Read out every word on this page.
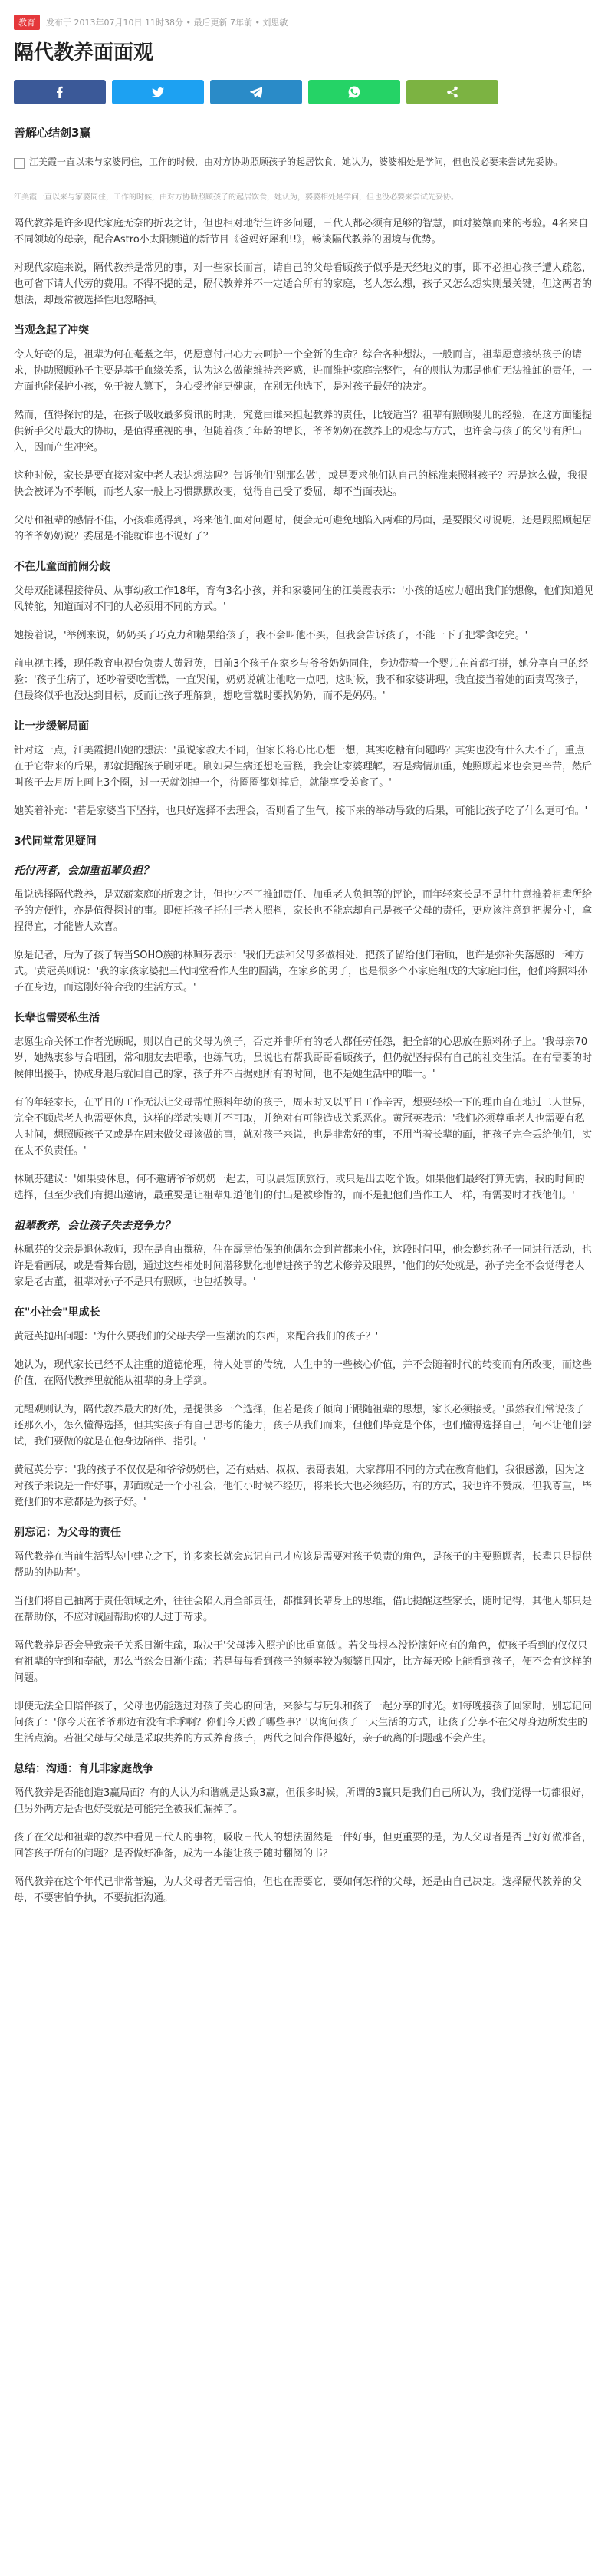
教育	发布于 2013年07月10日 11时38分 • 最后更新 7年前 • 刘思敏
隔代教养面面观
善解心结剑3赢
江美霞一直以来与家婆同住，工作的时候，由对方协助照顾孩子的起居饮食，她认为，婆婆相处是学问，但也没必要来尝试先妥协。
江美霞一直以来与家婆同住，工作的时候，由对方协助照顾孩子的起居饮食，她认为，婆婆相处是学问，但也没必要来尝试先妥协。

隔代教养是许多现代家庭无奈的折衷之计，但也相对地衍生许多问题，三代人都必须有足够的智慧，面对婆孃而来的考验。4名来自不同领域的母亲，配合Astro小太阳频道的新节目《爸妈好犀利!!》，畅谈隔代教养的困境与优势。

对现代家庭来说，隔代教养是常见的事，对一些家长而言，请自己的父母看顾孩子似乎是天经地义的事，即不必担心孩子遭人疏忽，也可省下请人代劳的费用。不得不提的是，隔代教养并不一定适合所有的家庭，老人怎么想，孩子又怎么想实则最关键，但这两者的想法，却最常被选择性地忽略掉。

当观念起了冲突

令人好奇的是，祖辈为何在耄耋之年，仍愿意付出心力去呵护一个全新的生命？综合各种想法，一般而言，祖辈愿意接纳孩子的请求，协助照顾孙子主要是基于血缘关系，认为这么做能维持亲密感，进而维护家庭完整性，有的则认为那是他们无法推卸的责任，一方面也能保护小孩，免于被人篡下，身心受挫能更健康，在别无他选下，是对孩子最好的决定。

然而，值得探讨的是，在孩子吸收最多资讯的时期，究竟由谁来担起教养的责任，比较适当？祖辈有照顾婴儿的经验，在这方面能提供新手父母最大的协助，是值得重视的事，但随着孩子年龄的增长，爷爷奶奶在教养上的观念与方式，也许会与孩子的父母有所出入，因而产生冲突。

这种时候，家长是要直接对家中老人表达想法吗？告诉他们'别那么做'，或是要求他们认自己的标准来照料孩子？若是这么做，我很快会被评为不孝顺，而老人家一般上习惯默默改变，觉得自己受了委屈，却不当面表达。

父母和祖辈的感情不佳，小孩难觅得到，将来他们面对问题时，便会无可避免地陷入两难的局面，是要跟父母说呢，还是跟照顾起居的爷爷奶奶说？委屈是不能就谁也不说好了？

不在儿童面前闹分歧

父母双能课程接待员、从事幼教工作18年，育有3名小孩，并和家婆同住的江美霞表示：'小孩的适应力超出我们的想像，他们知道见风转舵，知道面对不同的人必须用不同的方式。'

她接着说，'举例来说，奶奶买了巧克力和糖果给孩子，我不会叫他不买，但我会告诉孩子，不能一下子把零食吃完。'

前电视主播，现任教育电视台负责人黄冠英，目前3个孩子在家乡与爷爷奶奶同住，身边带着一个婴儿在首都打拼，她分享自己的经验：'孩子生病了，还吵着要吃雪糕，一直哭闹，奶奶说就让他吃一点吧，这时候，我不和家婆讲理，我直接当着她的面责骂孩子，但最终似乎也没达到目标，反而让孩子理解到，想吃雪糕时要找奶奶，而不是妈妈。'

让一步缓解局面

针对这一点，江美霞提出她的想法：'虽说家教大不同，但家长将心比心想一想，其实吃糖有问题吗？其实也没有什么大不了，重点在于它带来的后果，那就提醒孩子刷牙吧。刷如果生病还想吃雪糕，我会让家婆理解，若是病情加重，她照顾起来也会更辛苦，然后叫孩子去月历上画上3个圈，过一天就划掉一个，待圈圈都划掉后，就能享受美食了。'

她笑着补充：'若是家婆当下坚持，也只好选择不去理会，否则看了生气，接下来的举动导致的后果，可能比孩子吃了什么更可怕。'

3代同堂常见疑问
托付两者，会加重祖辈负担？

虽说选择隔代教养，是双薪家庭的折衷之计，但也少不了推卸责任、加重老人负担等的评论，而年轻家长是不是往往意推着祖辈所给予的方便性，亦是值得探讨的事。即便托孩子托付于老人照料，家长也不能忘却自己是孩子父母的责任，更应该注意到把握分寸，拿捏得宜，才能皆大欢喜。

原是记者，后为了孩子转当SOHO族的林珮芬表示：'我们无法和父母多做相处，把孩子留给他们看顾，也许是弥补失落感的一种方式。'黄冠英则说：'我的家孩家婆把三代同堂看作人生的圆满，在家乡的男子，也是很多个小家庭组成的大家庭同住，他们将照料孙子在身边，而这刚好符合我的生活方式。'

长辈也需要私生活

志愿生命关怀工作者光顾昵，则以自己的父母为例子，否定并非所有的老人都任劳任怨，把全部的心思放在照料孙子上。'我母亲70岁，她热衷参与合唱团，常和朋友去唱歌，也练气功，虽说也有帮我哥哥看顾孩子，但仍就坚持保有自己的社交生活。在有需要的时候伸出援手，协成身退后就回自己的家，孩子并不占据她所有的时间，也不是她生活中的唯一。'

有的年轻家长，在平日的工作无法让父母帮忙照料年幼的孩子，周末时又以平日工作辛苦，想要轻松一下的理由自在地过二人世界，完全不顾虑老人也需要休息，这样的举动实则并不可取，并绝对有可能造成关系恶化。黄冠英表示：'我们必须尊重老人也需要有私人时间，想照顾孩子又或是在周末做父母该做的事，就对孩子来说，也是非常好的事，不用当着长辈的面，把孩子完全丢给他们，实在太不负责任。'

林珮芬建议：'如果要休息，何不邀请爷爷奶奶一起去，可以晨短顶旅行，或只是出去吃个饭。如果他们最终打算无需，我的时间的选择，但至少我们有提出邀请，最重要是让祖辈知道他们的付出是被珍惜的，而不是把他们当作工人一样，有需要时才找他们。'

祖辈教养，会让孩子失去竞争力？

林珮芬的父亲是退休教师，现在是自由撰稿，住在霹雳怡保的他偶尔会到首都来小住，这段时间里，他会邀约孙子一同进行活动，也许是看画展，或是看舞台剧，通过这些相处时间潜移默化地增进孩子的艺术修养及眼界，'他们的好处就是，孙子完全不会觉得老人家是老古董，祖辈对孙子不是只有照顾，也包括教导。'

在"小社会"里成长

黄冠英抛出问题：'为什么要我们的父母去学一些潮流的东西，来配合我们的孩子？'

她认为，现代家长已经不太注重的道德伦理，待人处事的传统，人生中的一些核心价值，并不会随着时代的转变而有所改变，而这些价值，在隔代教养里就能从祖辈的身上学到。

尤醒观则认为，隔代教养最大的好处，是提供多一个选择，但若是孩子倾向于跟随祖辈的思想，家长必须接受。'虽然我们常说孩子还那么小，怎么懂得选择，但其实孩子有自己思考的能力，孩子从我们而来，但他们毕竟是个体，也们懂得选择自己，何不让他们尝试，我们要做的就是在他身边陪伴、指引。'

黄冠英分享：'我的孩子不仅仅是和爷爷奶奶住，还有姑姑、叔叔、表哥表姐，大家都用不同的方式在教育他们，我很感激，因为这对孩子来说是一件好事，那面就是一个小社会，他们小时候不经历，将来长大也必须经历，有的方式，我也许不赞成，但我尊重，毕竟他们的本意都是为孩子好。'

别忘记：为父母的责任

隔代教养在当前生活型态中建立之下，许多家长就会忘记自己才应该是需要对孩子负责的角色，是孩子的主要照顾者，长辈只是提供帮助的协助者'。

当他们将自己抽离于责任领域之外，往往会陷入肩全部责任，都推到长辈身上的思维，借此提醒这些家长，随时记得，其他人都只是在帮助你，不应对诚圆帮助你的人过于苛求。

隔代教养是否会导致亲子关系日渐生疏，取决于'父母涉入照护的比重高低'。若父母根本没扮演好应有的角色，使孩子看到的仅仅只有祖辈的守到和奉献，那么当然会日渐生疏；若是每每看到孩子的频率较为频繁且固定，比方每天晚上能看到孩子，便不会有这样的问题。

即使无法全日陪伴孩子，父母也仍能透过对孩子关心的问话，来参与与玩乐和孩子一起分享的时光。如每晚接孩子回家时，别忘记问问孩子：'你今天在爷爷那边有没有乖乖啊？你们今天做了哪些事？'以询问孩子一天生活的方式，让孩子分享不在父母身边所发生的生活点滴。若祖父母与父母是采取共养的方式养育孩子，两代之间合作得越好，亲子疏离的问题越不会产生。

总结：沟通：育儿非家庭战争

隔代教养是否能创造3赢局面？有的人认为和谐就是达致3赢，但很多时候，所谓的3赢只是我们自己所认为，我们觉得一切都很好，但另外两方是否也好受就是可能完全被我们漏掉了。

孩子在父母和祖辈的教养中看见三代人的事物，吸收三代人的想法固然是一件好事，但更重要的是，为人父母者是否已好好做准备，回答孩子所有的问题？是否做好准备，成为一本能让孩子随时翻阅的书？

隔代教养在这个年代已非常普遍，为人父母者无需害怕，但也在需要它，要如何怎样的父母，还是由自己决定。选择隔代教养的父母，不要害怕争执，不要抗拒沟通。
